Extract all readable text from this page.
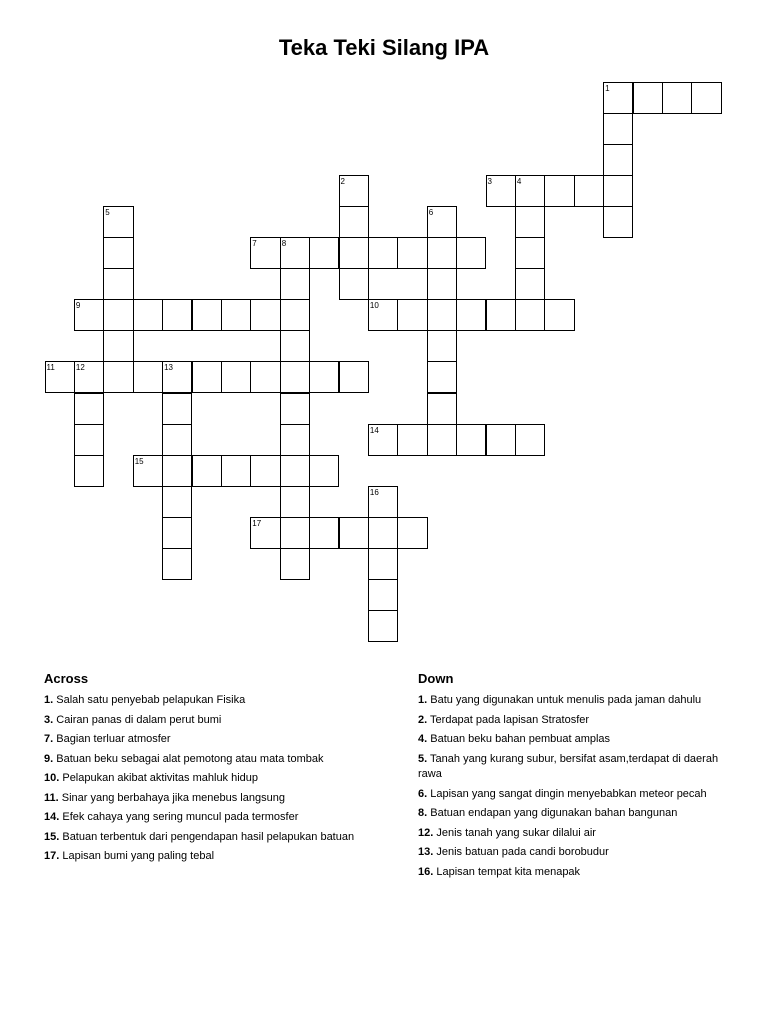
Teka Teki Silang IPA
1
3	4
7	8
9	10
11	12	13
14
15
17
2
5	6
16
Across
1. Salah satu penyebab pelapukan Fisika
3. Cairan panas di dalam perut bumi
7. Bagian terluar atmosfer
9. Batuan beku sebagai alat pemotong atau mata tombak
10. Pelapukan akibat aktivitas mahluk hidup
11. Sinar yang berbahaya jika menebus langsung
14. Efek cahaya yang sering muncul pada termosfer
15. Batuan terbentuk dari pengendapan hasil pelapukan batuan
17. Lapisan bumi yang paling tebal
Down
1. Batu yang digunakan untuk menulis pada jaman dahulu
2. Terdapat pada lapisan Stratosfer
4. Batuan beku bahan pembuat amplas
5. Tanah yang kurang subur, bersifat asam,terdapat di daerah rawa
6. Lapisan yang sangat dingin menyebabkan meteor pecah
8. Batuan endapan yang digunakan bahan bangunan
12. Jenis tanah yang sukar dilalui air
13. Jenis batuan pada candi borobudur
16. Lapisan tempat kita menapak
